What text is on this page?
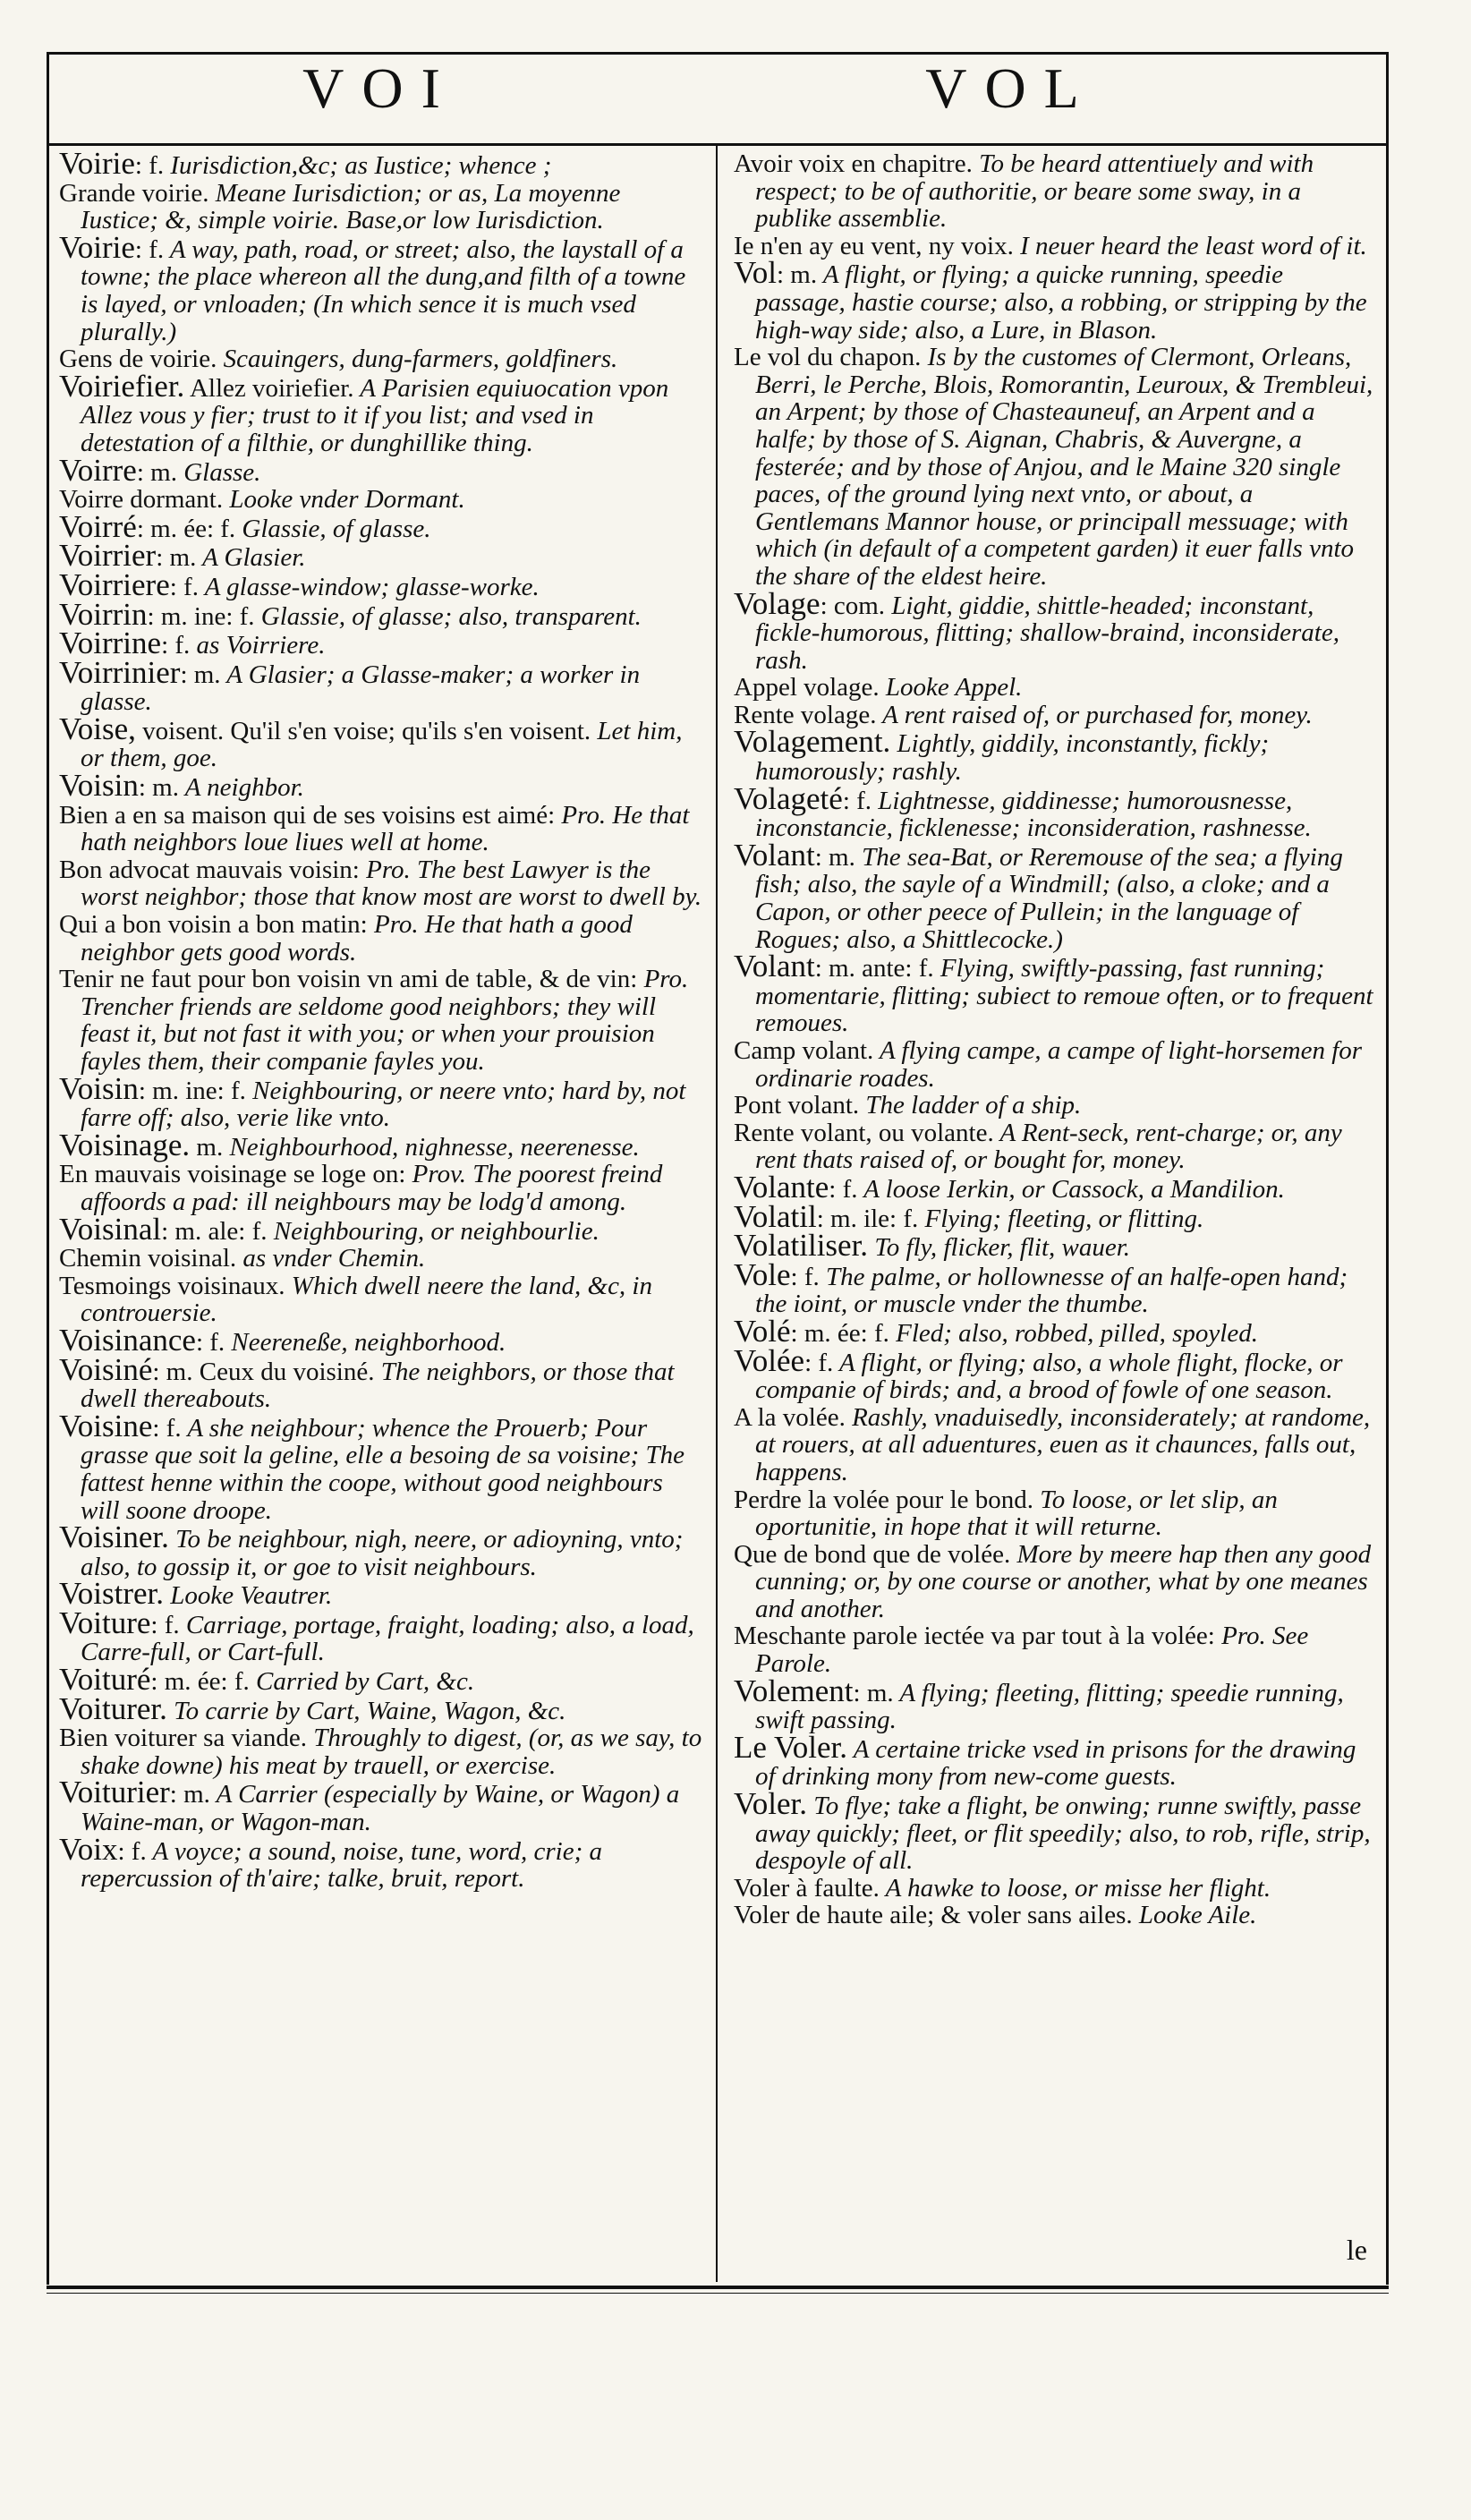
VOI	VOL

Voirie: f. Iurisdiction,&c; as Iustice; whence ;

Grande voirie. Meane Iurisdiction; or as, La moyenne Iustice; &, simple voirie. Base,or low Iurisdiction.

Voirie: f. A way, path, road, or street; also, the laystall of a towne; the place whereon all the dung,and filth of a towne is layed, or vnloaden; (In which sence it is much vsed plurally.)

Gens de voirie. Scauingers, dung-farmers, goldfiners.

Voiriefier. Allez voiriefier. A Parisien equiuocation vpon Allez vous y fier; trust to it if you list; and vsed in detestation of a filthie, or dunghillike thing.

Voirre: m. Glasse.

Voirre dormant. Looke vnder Dormant.

Voirré: m. ée: f. Glassie, of glasse.

Voirrier: m. A Glasier.

Voirriere: f. A glasse-window; glasse-worke.

Voirrin: m. ine: f. Glassie, of glasse; also, transparent.

Voirrine: f. as Voirriere.

Voirrinier: m. A Glasier; a Glasse-maker; a worker in glasse.

Voise, voisent. Qu'il s'en voise; qu'ils s'en voisent. Let him, or them, goe.

Voisin: m. A neighbor.

Bien a en sa maison qui de ses voisins est aimé: Pro. He that hath neighbors loue liues well at home.

Bon advocat mauvais voisin: Pro. The best Lawyer is the worst neighbor; those that know most are worst to dwell by.

Qui a bon voisin a bon matin: Pro. He that hath a good neighbor gets good words.

Tenir ne faut pour bon voisin vn ami de table, & de vin: Pro. Trencher friends are seldome good neighbors; they will feast it, but not fast it with you; or when your prouision fayles them, their companie fayles you.

Voisin: m. ine: f. Neighbouring, or neere vnto; hard by, not farre off; also, verie like vnto.

Voisinage. m. Neighbourhood, nighnesse, neerenesse.

En mauvais voisinage se loge on: Prov. The poorest freind affoords a pad: ill neighbours may be lodg'd among.

Voisinal: m. ale: f. Neighbouring, or neighbourlie.

Chemin voisinal. as vnder Chemin.

Tesmoings voisinaux. Which dwell neere the land, &c, in controuersie.

Voisinance: f. Neereneße, neighborhood.

Voisiné: m. Ceux du voisiné. The neighbors, or those that dwell thereabouts.

Voisine: f. A she neighbour; whence the Prouerb; Pour grasse que soit la geline, elle a besoing de sa voisine; The fattest henne within the coope, without good neighbours will soone droope.

Voisiner. To be neighbour, nigh, neere, or adioyning, vnto; also, to gossip it, or goe to visit neighbours.

Voistrer. Looke Veautrer.

Voiture: f. Carriage, portage, fraight, loading; also, a load, Carre-full, or Cart-full.

Voituré: m. ée: f. Carried by Cart, &c.

Voiturer. To carrie by Cart, Waine, Wagon, &c.

Bien voiturer sa viande. Throughly to digest, (or, as we say, to shake downe) his meat by trauell, or exercise.

Voiturier: m. A Carrier (especially by Waine, or Wagon) a Waine-man, or Wagon-man.

Voix: f. A voyce; a sound, noise, tune, word, crie; a repercussion of th'aire; talke, bruit, report.

Avoir voix en chapitre. To be heard attentiuely and with respect; to be of authoritie, or beare some sway, in a publike assemblie.

Ie n'en ay eu vent, ny voix. I neuer heard the least word of it.

Vol: m. A flight, or flying; a quicke running, speedie passage, hastie course; also, a robbing, or stripping by the high-way side; also, a Lure, in Blason.

Le vol du chapon. Is by the customes of Clermont, Orleans, Berri, le Perche, Blois, Romorantin, Leuroux, & Trembleui, an Arpent; by those of Chasteauneuf, an Arpent and a halfe; by those of S. Aignan, Chabris, & Auvergne, a festerée; and by those of Anjou, and le Maine 320 single paces, of the ground lying next vnto, or about, a Gentlemans Mannor house, or principall messuage; with which (in default of a competent garden) it euer falls vnto the share of the eldest heire.

Volage: com. Light, giddie, shittle-headed; inconstant, fickle-humorous, flitting; shallow-braind, inconsiderate, rash.

Appel volage. Looke Appel.

Rente volage. A rent raised of, or purchased for, money.

Volagement. Lightly, giddily, inconstantly, fickly; humorously; rashly.

Volageté: f. Lightnesse, giddinesse; humorousnesse, inconstancie, ficklenesse; inconsideration, rashnesse.

Volant: m. The sea-Bat, or Reremouse of the sea; a flying fish; also, the sayle of a Windmill; (also, a cloke; and a Capon, or other peece of Pullein; in the language of Rogues; also, a Shittlecocke.)

Volant: m. ante: f. Flying, swiftly-passing, fast running; momentarie, flitting; subiect to remoue often, or to frequent remoues.

Camp volant. A flying campe, a campe of light-horsemen for ordinarie roades.

Pont volant. The ladder of a ship.

Rente volant, ou volante. A Rent-seck, rent-charge; or, any rent thats raised of, or bought for, money.

Volante: f. A loose Ierkin, or Cassock, a Mandilion.

Volatil: m. ile: f. Flying; fleeting, or flitting.

Volatiliser. To fly, flicker, flit, wauer.

Vole: f. The palme, or hollownesse of an halfe-open hand; the ioint, or muscle vnder the thumbe.

Volé: m. ée: f. Fled; also, robbed, pilled, spoyled.

Volée: f. A flight, or flying; also, a whole flight, flocke, or companie of birds; and, a brood of fowle of one season.

A la volée. Rashly, vnaduisedly, inconsiderately; at randome, at rouers, at all aduentures, euen as it chaunces, falls out, happens.

Perdre la volée pour le bond. To loose, or let slip, an oportunitie, in hope that it will returne.

Que de bond que de volée. More by meere hap then any good cunning; or, by one course or another, what by one meanes and another.

Meschante parole iectée va par tout à la volée: Pro. See Parole.

Volement: m. A flying; fleeting, flitting; speedie running, swift passing.

Le Voler. A certaine tricke vsed in prisons for the drawing of drinking mony from new-come guests.

Voler. To flye; take a flight, be onwing; runne swiftly, passe away quickly; fleet, or flit speedily; also, to rob, rifle, strip, despoyle of all.

Voler à faulte. A hawke to loose, or misse her flight.

Voler de haute aile; & voler sans ailes. Looke Aile.

le
